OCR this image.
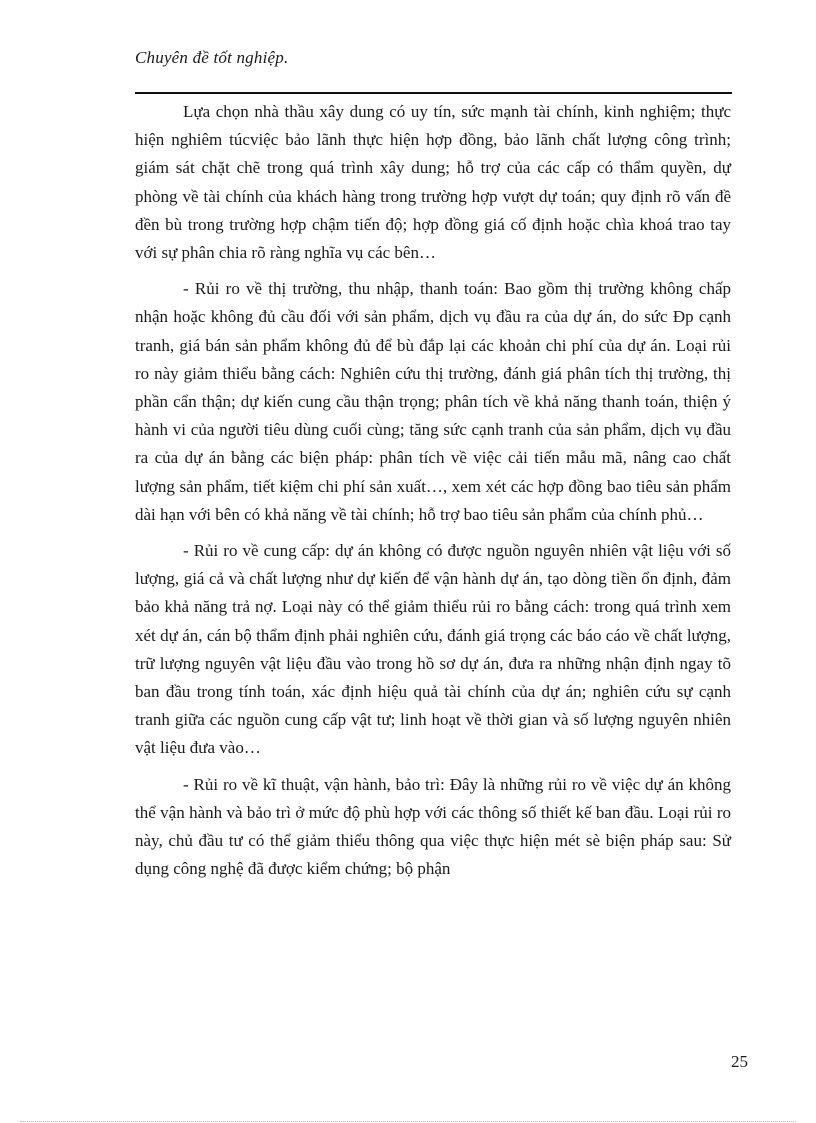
Chuyên đề tốt nghiệp.

Lựa chọn nhà thầu xây dung có uy tín, sức mạnh tài chính, kinh nghiệm; thực hiện nghiêm túcviệc bảo lãnh thực hiện hợp đồng, bảo lãnh chất lượng công trình; giám sát chặt chẽ trong quá trình xây dung; hỗ trợ của các cấp có thẩm quyền, dự phòng về tài chính của khách hàng trong trường hợp vượt dự toán; quy định rõ vấn đề đền bù trong trường hợp chậm tiến độ; hợp đồng giá cố định hoặc chìa khoá trao tay với sự phân chia rõ ràng nghĩa vụ các bên…

- Rủi ro về thị trường, thu nhập, thanh toán: Bao gồm thị trường không chấp nhận hoặc không đủ cầu đối với sản phẩm, dịch vụ đầu ra của dự án, do sức Đp cạnh tranh, giá bán sản phẩm không đủ để bù đắp lại các khoản chi phí của dự án. Loại rủi ro này giảm thiểu bằng cách: Nghiên cứu thị trường, đánh giá phân tích thị trường, thị phần cẩn thận; dự kiến cung cầu thận trọng; phân tích về khả năng thanh toán, thiện ý hành vi của người tiêu dùng cuối cùng; tăng sức cạnh tranh của sản phẩm, dịch vụ đầu ra của dự án bằng các biện pháp: phân tích về việc cải tiến mẫu mã, nâng cao chất lượng sản phẩm, tiết kiệm chi phí sản xuất…, xem xét các hợp đồng bao tiêu sản phẩm dài hạn với bên có khả năng về tài chính; hỗ trợ bao tiêu sản phẩm của chính phủ…

- Rủi ro về cung cấp: dự án không có được nguồn nguyên nhiên vật liệu với số lượng, giá cả và chất lượng như dự kiến để vận hành dự án, tạo dòng tiền ổn định, đảm bảo khả năng trả nợ. Loại này có thể giảm thiểu rủi ro bằng cách: trong quá trình xem xét dự án, cán bộ thẩm định phải nghiên cứu, đánh giá trọng các báo cáo về chất lượng, trữ lượng nguyên vật liệu đầu vào trong hồ sơ dự án, đưa ra những nhận định ngay tõ ban đầu trong tính toán, xác định hiệu quả tài chính của dự án; nghiên cứu sự cạnh tranh giữa các nguồn cung cấp vật tư; linh hoạt về thời gian và số lượng nguyên nhiên vật liệu đưa vào…

- Rủi ro về kĩ thuật, vận hành, bảo trì: Đây là những rủi ro về việc dự án không thể vận hành và bảo trì ở mức độ phù hợp với các thông số thiết kế ban đầu. Loại rủi ro này, chủ đầu tư có thể giảm thiểu thông qua việc thực hiện mét sè biện pháp sau: Sử dụng công nghệ đã được kiểm chứng; bộ phận

25
